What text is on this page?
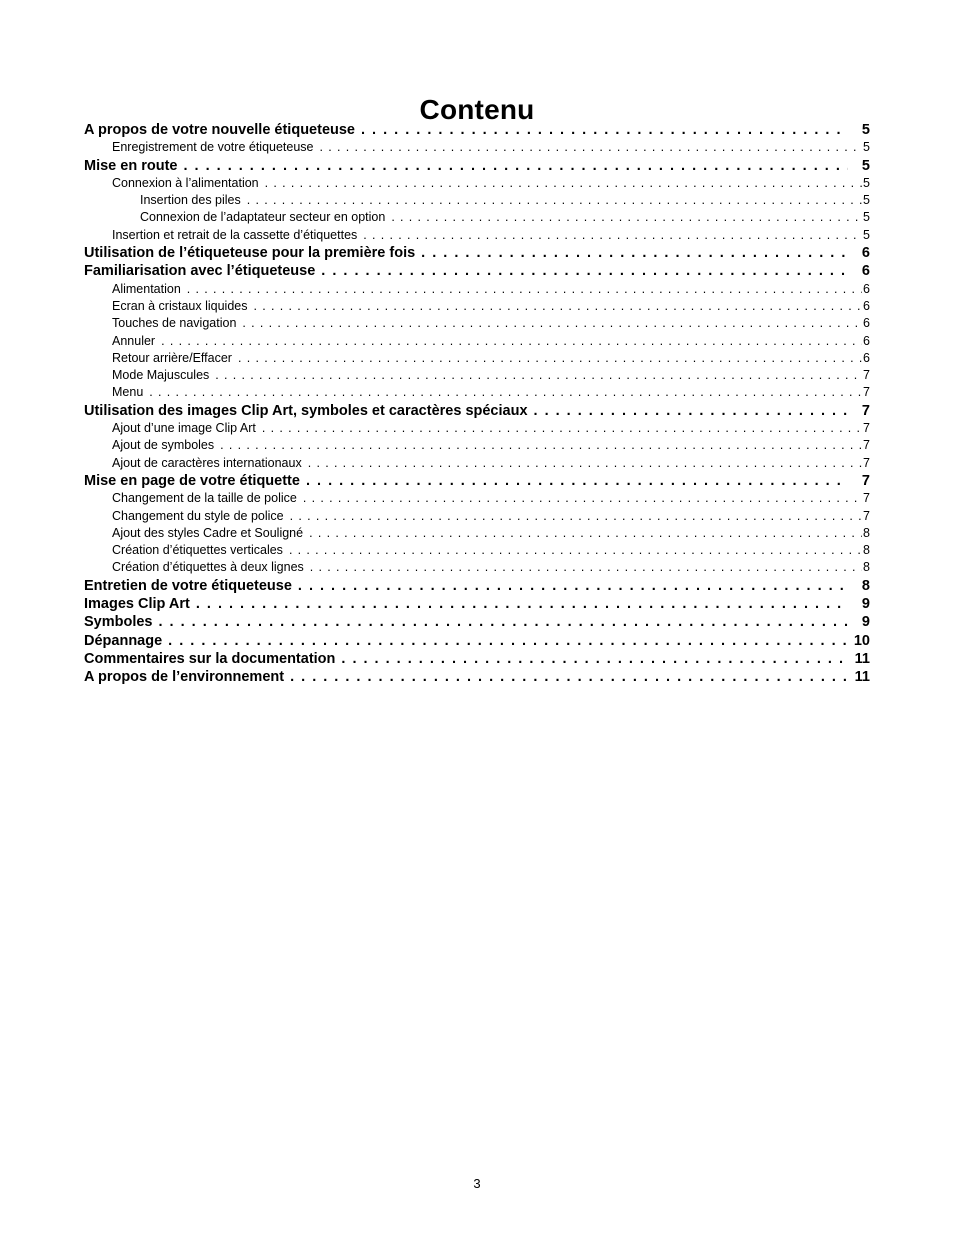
Contenu
A propos de votre nouvelle étiqueteuse . . .	5
Enregistrement de votre étiqueteuse . . .	5
Mise en route . . .	5
Connexion à l’alimentation . . .	5
Insertion des piles . . .	5
Connexion de l’adaptateur secteur en option . . .	5
Insertion et retrait de la cassette d’étiquettes . . .	5
Utilisation de l’étiqueteuse pour la première fois . . .	6
Familiarisation avec l’étiqueteuse . . .	6
Alimentation . . .	6
Ecran à cristaux liquides . . .	6
Touches de navigation . . .	6
Annuler . . .	6
Retour arrière/Effacer . . .	6
Mode Majuscules . . .	7
Menu . . .	7
Utilisation des images Clip Art, symboles et caractères spéciaux . . .	7
Ajout d’une image Clip Art . . .	7
Ajout de symboles . . .	7
Ajout de caractères internationaux . . .	7
Mise en page de votre étiquette . . .	7
Changement de la taille de police . . .	7
Changement du style de police . . .	7
Ajout des styles Cadre et Souligné . . .	8
Création d’étiquettes verticales . . .	8
Création d’étiquettes à deux lignes . . .	8
Entretien de votre étiqueteuse . . .	8
Images Clip Art . . .	9
Symboles . . .	9
Dépannage . . .	10
Commentaires sur la documentation . . .	11
A propos de l’environnement . . .	11
3
